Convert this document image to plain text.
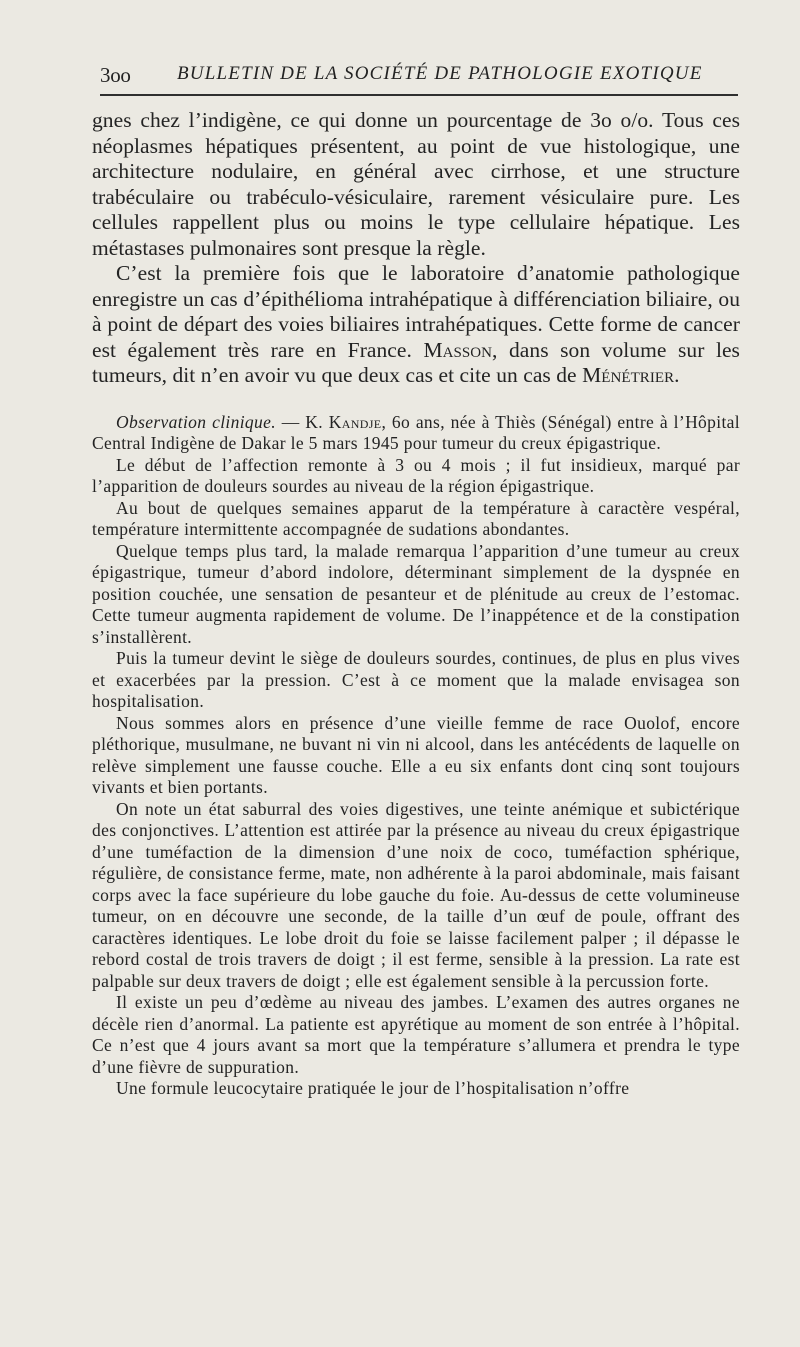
3oo BULLETIN DE LA SOCIÉTÉ DE PATHOLOGIE EXOTIQUE

gnes chez l’indigène, ce qui donne un pourcentage de 3o o/o. Tous ces néoplasmes hépatiques présentent, au point de vue histologique, une architecture nodulaire, en général avec cirrhose, et une structure trabéculaire ou trabéculo-vésiculaire, rarement vésiculaire pure. Les cellules rappellent plus ou moins le type cellulaire hépatique. Les métastases pulmonaires sont presque la règle.

C’est la première fois que le laboratoire d’anatomie pathologique enregistre un cas d’épithélioma intrahépatique à différenciation biliaire, ou à point de départ des voies biliaires intrahépatiques. Cette forme de cancer est également très rare en France. Masson, dans son volume sur les tumeurs, dit n’en avoir vu que deux cas et cite un cas de Ménétrier.

Observation clinique. — K. Kandje, 6o ans, née à Thiès (Sénégal) entre à l’Hôpital Central Indigène de Dakar le 5 mars 1945 pour tumeur du creux épigastrique.

Le début de l’affection remonte à 3 ou 4 mois ; il fut insidieux, marqué par l’apparition de douleurs sourdes au niveau de la région épigastrique.

Au bout de quelques semaines apparut de la température à caractère vespéral, température intermittente accompagnée de sudations abondantes.

Quelque temps plus tard, la malade remarqua l’apparition d’une tumeur au creux épigastrique, tumeur d’abord indolore, déterminant simplement de la dyspnée en position couchée, une sensation de pesanteur et de plénitude au creux de l’estomac. Cette tumeur augmenta rapidement de volume. De l’inappétence et de la constipation s’installèrent.

Puis la tumeur devint le siège de douleurs sourdes, continues, de plus en plus vives et exacerbées par la pression. C’est à ce moment que la malade envisagea son hospitalisation.

Nous sommes alors en présence d’une vieille femme de race Ouolof, encore pléthorique, musulmane, ne buvant ni vin ni alcool, dans les antécédents de laquelle on relève simplement une fausse couche. Elle a eu six enfants dont cinq sont toujours vivants et bien portants.

On note un état saburral des voies digestives, une teinte anémique et subictérique des conjonctives. L’attention est attirée par la présence au niveau du creux épigastrique d’une tuméfaction de la dimension d’une noix de coco, tuméfaction sphérique, régulière, de consistance ferme, mate, non adhérente à la paroi abdominale, mais faisant corps avec la face supérieure du lobe gauche du foie. Au-dessus de cette volumineuse tumeur, on en découvre une seconde, de la taille d’un œuf de poule, offrant des caractères identiques. Le lobe droit du foie se laisse facilement palper ; il dépasse le rebord costal de trois travers de doigt ; il est ferme, sensible à la pression. La rate est palpable sur deux travers de doigt ; elle est également sensible à la percussion forte.

Il existe un peu d’œdème au niveau des jambes. L’examen des autres organes ne décèle rien d’anormal. La patiente est apyrétique au moment de son entrée à l’hôpital. Ce n’est que 4 jours avant sa mort que la température s’allumera et prendra le type d’une fièvre de suppuration.

Une formule leucocytaire pratiquée le jour de l’hospitalisation n’offre
